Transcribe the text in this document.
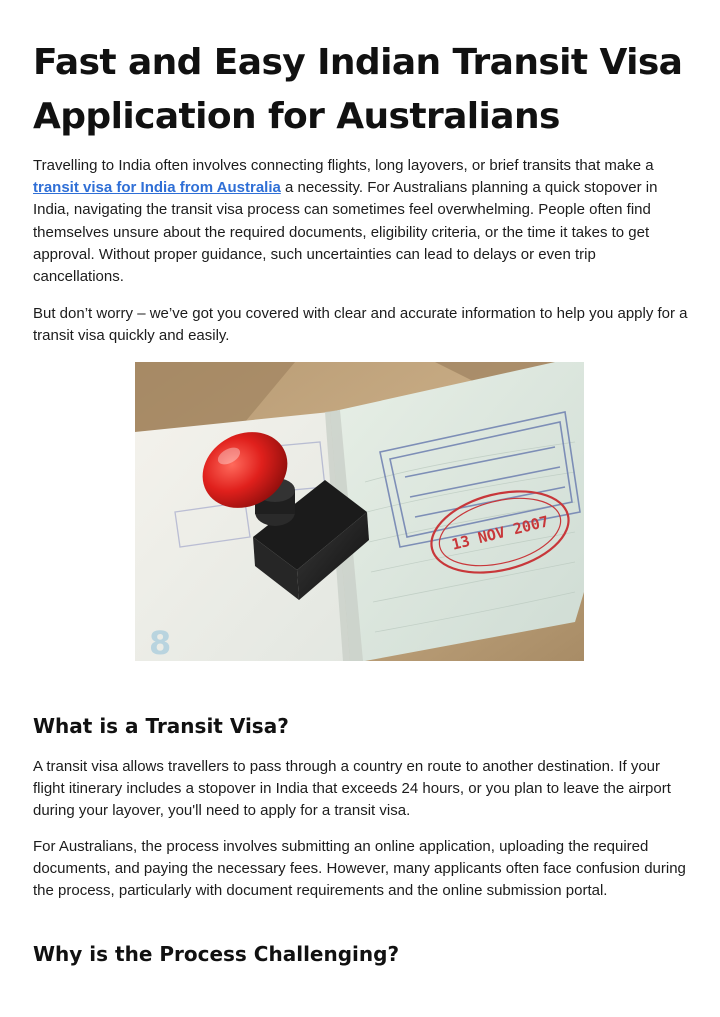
Fast and Easy Indian Transit Visa Application for Australians

Travelling to India often involves connecting flights, long layovers, or brief transits that make a transit visa for India from Australia a necessity. For Australians planning a quick stopover in India, navigating the transit visa process can sometimes feel overwhelming. People often find themselves unsure about the required documents, eligibility criteria, or the time it takes to get approval. Without proper guidance, such uncertainties can lead to delays or even trip cancellations.

But don’t worry – we’ve got you covered with clear and accurate information to help you apply for a transit visa quickly and easily.

13 NOV 2007
8
What is a Transit Visa?

A transit visa allows travellers to pass through a country en route to another destination. If your flight itinerary includes a stopover in India that exceeds 24 hours, or you plan to leave the airport during your layover, you'll need to apply for a transit visa.

For Australians, the process involves submitting an online application, uploading the required documents, and paying the necessary fees. However, many applicants often face confusion during the process, particularly with document requirements and the online submission portal.

Why is the Process Challenging?
